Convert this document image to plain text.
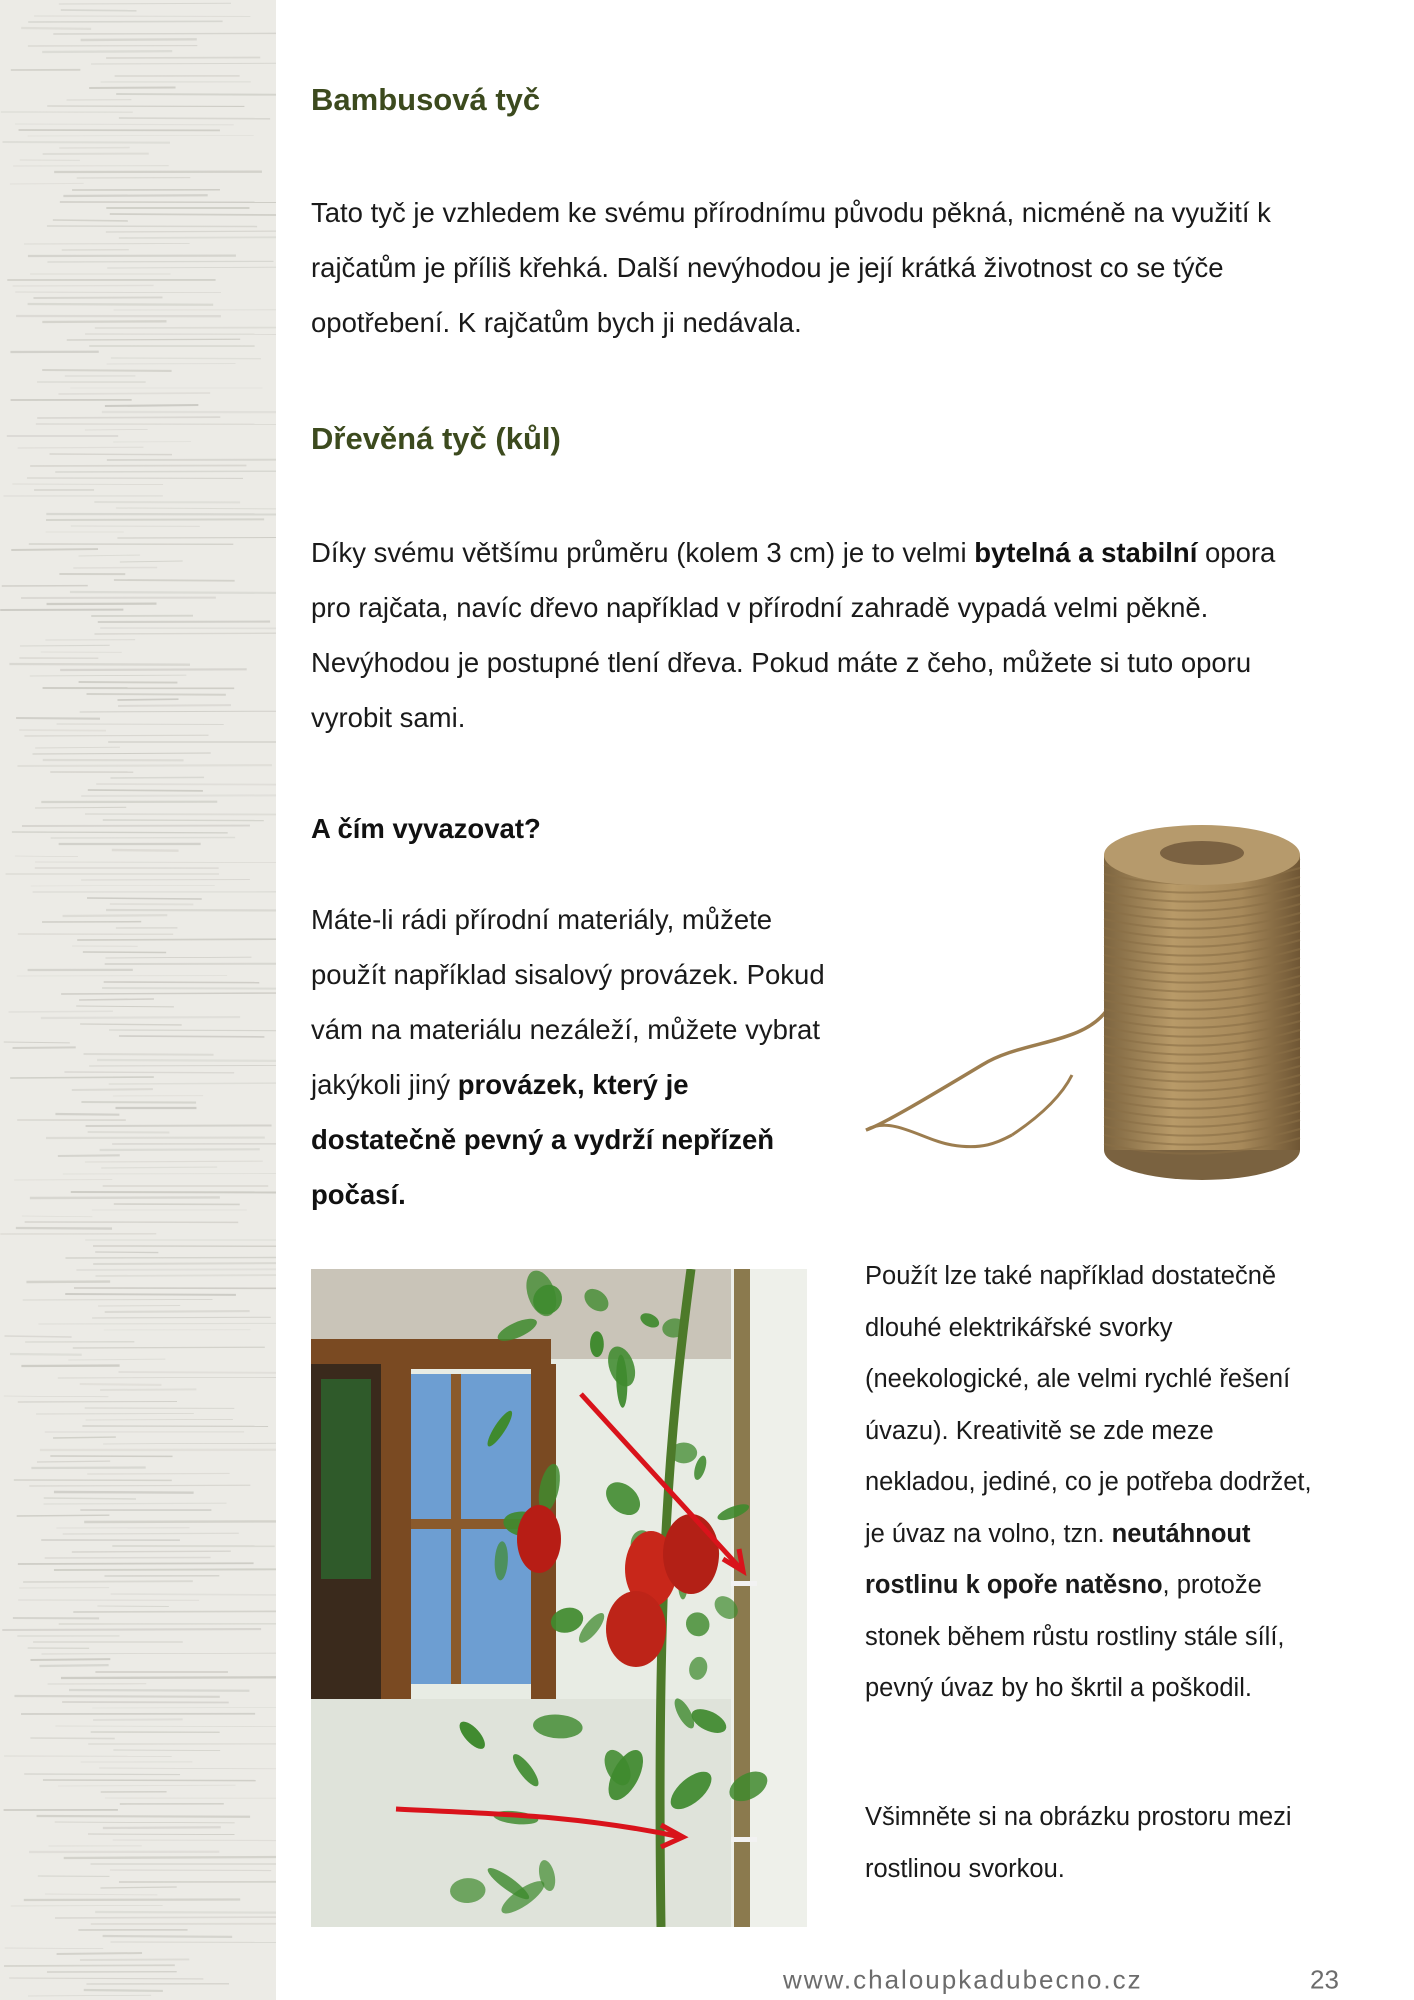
Bambusová tyč

Tato tyč je vzhledem ke svému přírodnímu původu pěkná, nicméně na využití k rajčatům je příliš křehká. Další nevýhodou je její krátká životnost co se týče opotřebení. K rajčatům bych ji nedávala.

Dřevěná tyč (kůl)

Díky svému většímu průměru (kolem 3 cm) je to velmi bytelná a stabilní opora pro rajčata, navíc dřevo například v přírodní zahradě vypadá velmi pěkně. Nevýhodou je postupné tlení dřeva. Pokud máte z čeho, můžete si tuto oporu vyrobit sami.

A čím vyvazovat?

Máte-li rádi přírodní materiály, můžete použít například sisalový provázek. Pokud vám na materiálu nezáleží, můžete vybrat jakýkoli jiný provázek, který je dostatečně pevný a vydrží nepřízeň počasí.

Použít lze také například dostatečně dlouhé elektrikářské svorky (neekologické, ale velmi rychlé řešení úvazu). Kreativitě se zde meze nekladou, jediné, co je potřeba dodržet, je úvaz na volno, tzn. neutáhnout rostlinu k opoře natěsno, protože stonek během růstu rostliny stále sílí, pevný úvaz by ho škrtil a poškodil.

Všimněte si na obrázku prostoru mezi rostlinou svorkou.

www.chaloupkadubecno.cz	23
